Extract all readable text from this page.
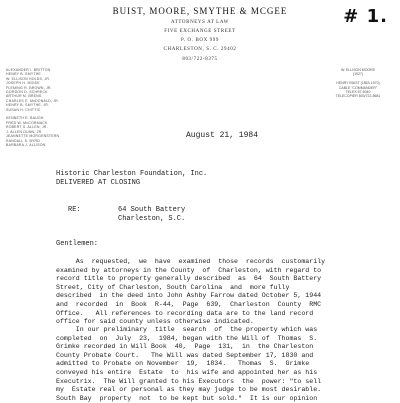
# 1.
BUIST, MOORE, SMYTHE & MCGEE
ATTORNEYS AT LAW
FIVE EXCHANGE STREET
P. O. BOX 999
CHARLESTON, S. C. 29402
803/722-8375
ALEXANDER I. BRITTON
HENRY B. SMYTHE
W. ELLISON HOLDS, JR.
JOSEPH H. MOISE
FLEMING R. BROWN, JR.
GORDON D. SCHRECK
ARTHUR M. BRENS
CHARLES E. McDONALD, JR.
HENRY B. SMYTHE, JR.
SUSAN H. CHITTIC

KENNETH E. BAUGH
FRED W. McCORMACK
ROBERT S. ALLEN, JR.
J. ALLEN DUNN, JR.
JEANNETTE MORGENSTERN
RANDALL S. BYRD
BARBARA J. ALLISON
W. ELLISON MOORE
(1927)

HENRY BUIST (1863-1970)
CABLE "COMMANDER"
TELEX 57-6040
TELECOPIER 803/722-8681
August 21, 1984
Historic Charleston Foundation, Inc.
DELIVERED AT CLOSING
RE:	64 South Battery
Charleston, S.C.
Gentlemen:
As  requested,  we  have  examined  those  records  customarily
examined by attorneys in the County  of  Charleston, with regard to
record title to property generally described  as  64  South Battery
Street, City of Charleston, South Carolina  and  more fully
described  in the deed into John Ashby Farrow dated October 5, 1944
and  recorded  in  Book  R-44,  Page  639,  Charleston  County  RMC
Office.   All references to recording data are to the land record
office for said county unless otherwise indicated.
In our preliminary  title  search  of  the property which was
completed  on  July  23,  1984, began with the Will of  Thomas  S.
Grimke recorded in Will Book  40,  Page  131,  in  the Charleston
County Probate Court.   The Will was dated September 17, 1830 and
admitted to Probate on November  19,  1834.   Thomas  S.  Grimke
conveyed his entire  Estate  to  his wife and appointed her as his
Executrix.  The Will granted to his Executors  the  power: "to sell
my  Estate real or personal as they may judge to be most desirable.
South Bay  property  not  to be kept but sold."  It is our opinion
